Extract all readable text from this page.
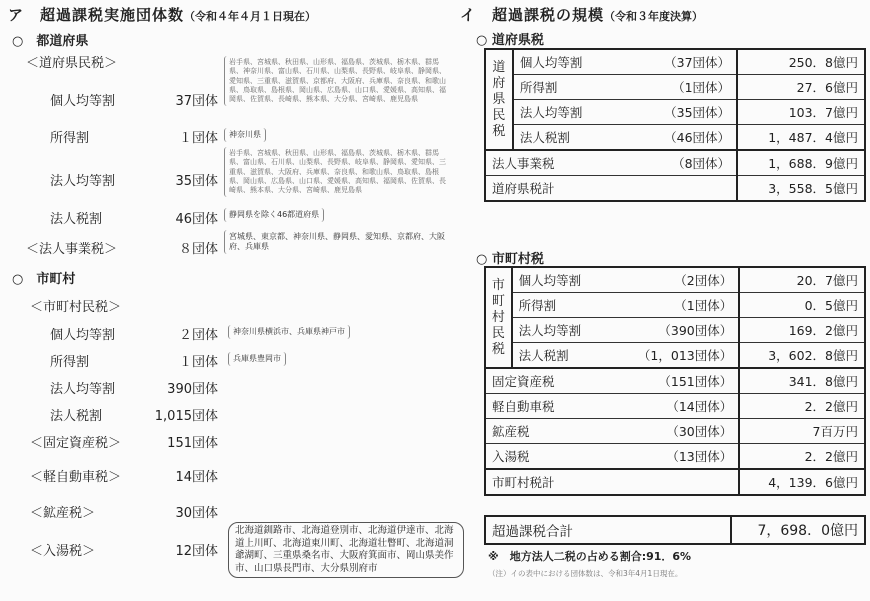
ア　超過課税実施団体数（令和４年４月１日現在）
○　都道府県
＜道府県民税＞
個人均等割	37団体
岩手県、宮城県、秋田県、山形県、福島県、茨城県、栃木県、群馬県、神奈川県、富山県、石川県、山梨県、長野県、岐阜県、静岡県、愛知県、三重県、滋賀県、京都府、大阪府、兵庫県、奈良県、和歌山県、鳥取県、島根県、岡山県、広島県、山口県、愛媛県、高知県、福岡県、佐賀県、長崎県、熊本県、大分県、宮崎県、鹿児島県
所得割	１団体	神奈川県
法人均等割	35団体
岩手県、宮城県、秋田県、山形県、福島県、茨城県、栃木県、群馬県、富山県、石川県、山梨県、長野県、岐阜県、静岡県、愛知県、三重県、滋賀県、大阪府、兵庫県、奈良県、和歌山県、鳥取県、島根県、岡山県、広島県、山口県、愛媛県、高知県、福岡県、佐賀県、長崎県、熊本県、大分県、宮崎県、鹿児島県
法人税割	46団体	静岡県を除く46都道府県
＜法人事業税＞	８団体
宮城県、東京都、神奈川県、静岡県、愛知県、京都府、大阪府、兵庫県
○　市町村
＜市町村民税＞
個人均等割	２団体	神奈川県横浜市、兵庫県神戸市
所得割	１団体	兵庫県豊岡市
法人均等割	390団体
法人税割	1,015団体
＜固定資産税＞	151団体
＜軽自動車税＞	14団体
＜鉱産税＞	30団体
＜入湯税＞	12団体
北海道釧路市、北海道登別市、北海道伊達市、北海道上川町、北海道東川町、北海道壮瞥町、北海道洞爺湖町、三重県桑名市、大阪府箕面市、岡山県美作市、山口県長門市、大分県別府市
イ　超過課税の規模（令和３年度決算）
○ 道府県税
道
府
県
民
税	個人均等割	（37団体）	250．8億円
	所得割	（1団体）	27．6億円
	法人均等割	（35団体）	103．7億円
	法人税割	（46団体）	1，487．4億円
法人事業税		（8団体）	1，688．9億円
道府県税計			3，558．5億円
○ 市町村税
市
町
村
民
税	個人均等割	（2団体）	20．7億円
	所得割	（1団体）	0．5億円
	法人均等割	（390団体）	169．2億円
	法人税割	（1，013団体）	3，602．8億円
固定資産税		（151団体）	341．8億円
軽自動車税		（14団体）	2．2億円
鉱産税		（30団体）	7百万円
入湯税		（13団体）	2．2億円
市町村税計			4，139．6億円
超過課税合計	7，698．0億円
※　地方法人二税の占める割合:91．6%
（注）イの表中における団体数は、令和3年4月1日現在。
